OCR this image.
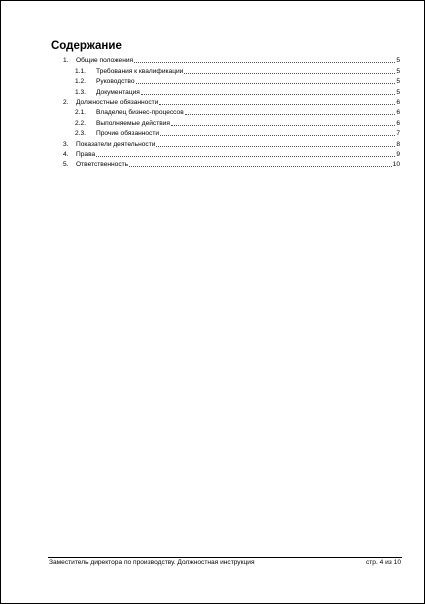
Содержание
1.	Общие положения	5
1.1.	Требования к квалификации	5
1.2.	Руководство	5
1.3.	Документация	5
2.	Должностные обязанности	6
2.1.	Владелец бизнес-процессов	6
2.2.	Выполняемые действия	6
2.3.	Прочие обязанности	7
3.	Показатели деятельности	8
4.	Права	9
5.	Ответственность	10
Заместитель директора по производству. Должностная инструкция	стр. 4 из 10
